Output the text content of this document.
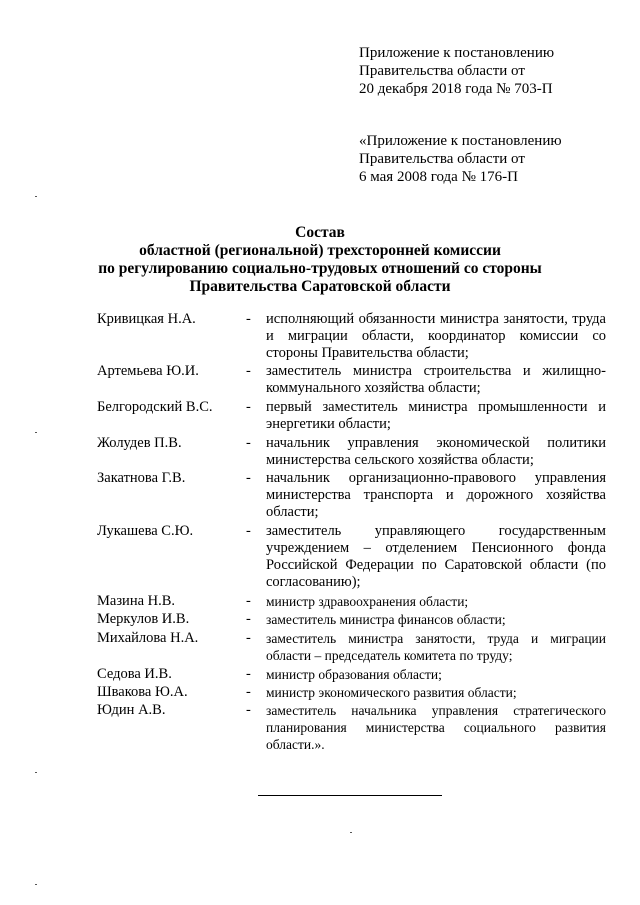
Приложение к постановлению
Правительства области от
20 декабря 2018 года № 703-П
«Приложение к постановлению
Правительства области от
6 мая 2008 года № 176-П
Состав
областной (региональной) трехсторонней комиссии
по регулированию социально-трудовых отношений со стороны
Правительства Саратовской области
Кривицкая Н.А.	- исполняющий обязанности министра занятости, труда и миграции области, координатор комиссии со стороны Правительства области;
Артемьева Ю.И.	- заместитель министра строительства и жилищно-коммунального хозяйства области;
Белгородский В.С. - первый заместитель министра промышленности и энергетики области;
Жолудев П.В.	- начальник управления экономической политики министерства сельского хозяйства области;
Закатнова Г.В.	- начальник организационно-правового управления министерства транспорта и дорожного хозяйства области;
Лукашева С.Ю.	- заместитель управляющего государственным учреждением – отделением Пенсионного фонда Российской Федерации по Саратовской области (по согласованию);
Мазина Н.В.	- министр здравоохранения области;
Меркулов И.В.	- заместитель министра финансов области;
Михайлова Н.А.	- заместитель министра занятости, труда и миграции области – председатель комитета по труду;
Седова И.В.	- министр образования области;
Швакова Ю.А.	- министр экономического развития области;
Юдин А.В.	- заместитель начальника управления стратегического планирования министерства социального развития области.».
